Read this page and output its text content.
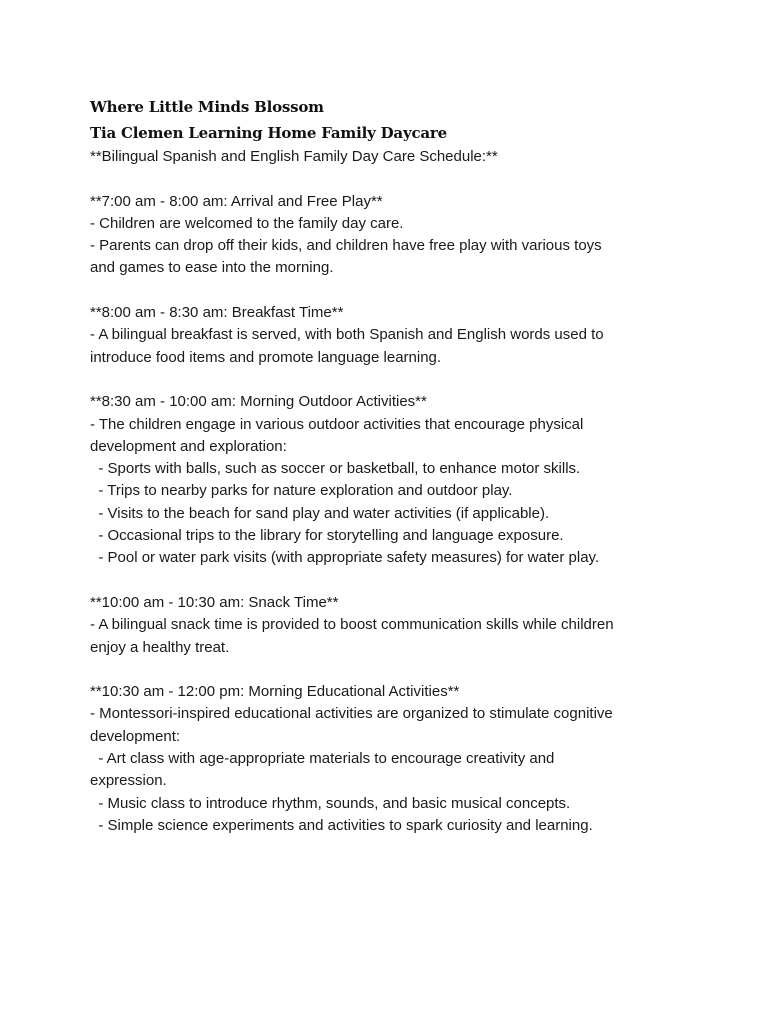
Where Little Minds Blossom
Tia Clemen Learning Home Family Daycare

**Bilingual Spanish and English Family Day Care Schedule:**

**7:00 am - 8:00 am: Arrival and Free Play**

- Children are welcomed to the family day care.

- Parents can drop off their kids, and children have free play with various toys

and games to ease into the morning.

**8:00 am - 8:30 am: Breakfast Time**

- A bilingual breakfast is served, with both Spanish and English words used to

introduce food items and promote language learning.

**8:30 am - 10:00 am: Morning Outdoor Activities**

- The children engage in various outdoor activities that encourage physical

development and exploration:

- Sports with balls, such as soccer or basketball, to enhance motor skills.

- Trips to nearby parks for nature exploration and outdoor play.

- Visits to the beach for sand play and water activities (if applicable).

- Occasional trips to the library for storytelling and language exposure.

- Pool or water park visits (with appropriate safety measures) for water play.

**10:00 am - 10:30 am: Snack Time**

- A bilingual snack time is provided to boost communication skills while children

enjoy a healthy treat.

**10:30 am - 12:00 pm: Morning Educational Activities**

- Montessori-inspired educational activities are organized to stimulate cognitive

development:

- Art class with age-appropriate materials to encourage creativity and

expression.

- Music class to introduce rhythm, sounds, and basic musical concepts.

- Simple science experiments and activities to spark curiosity and learning.
